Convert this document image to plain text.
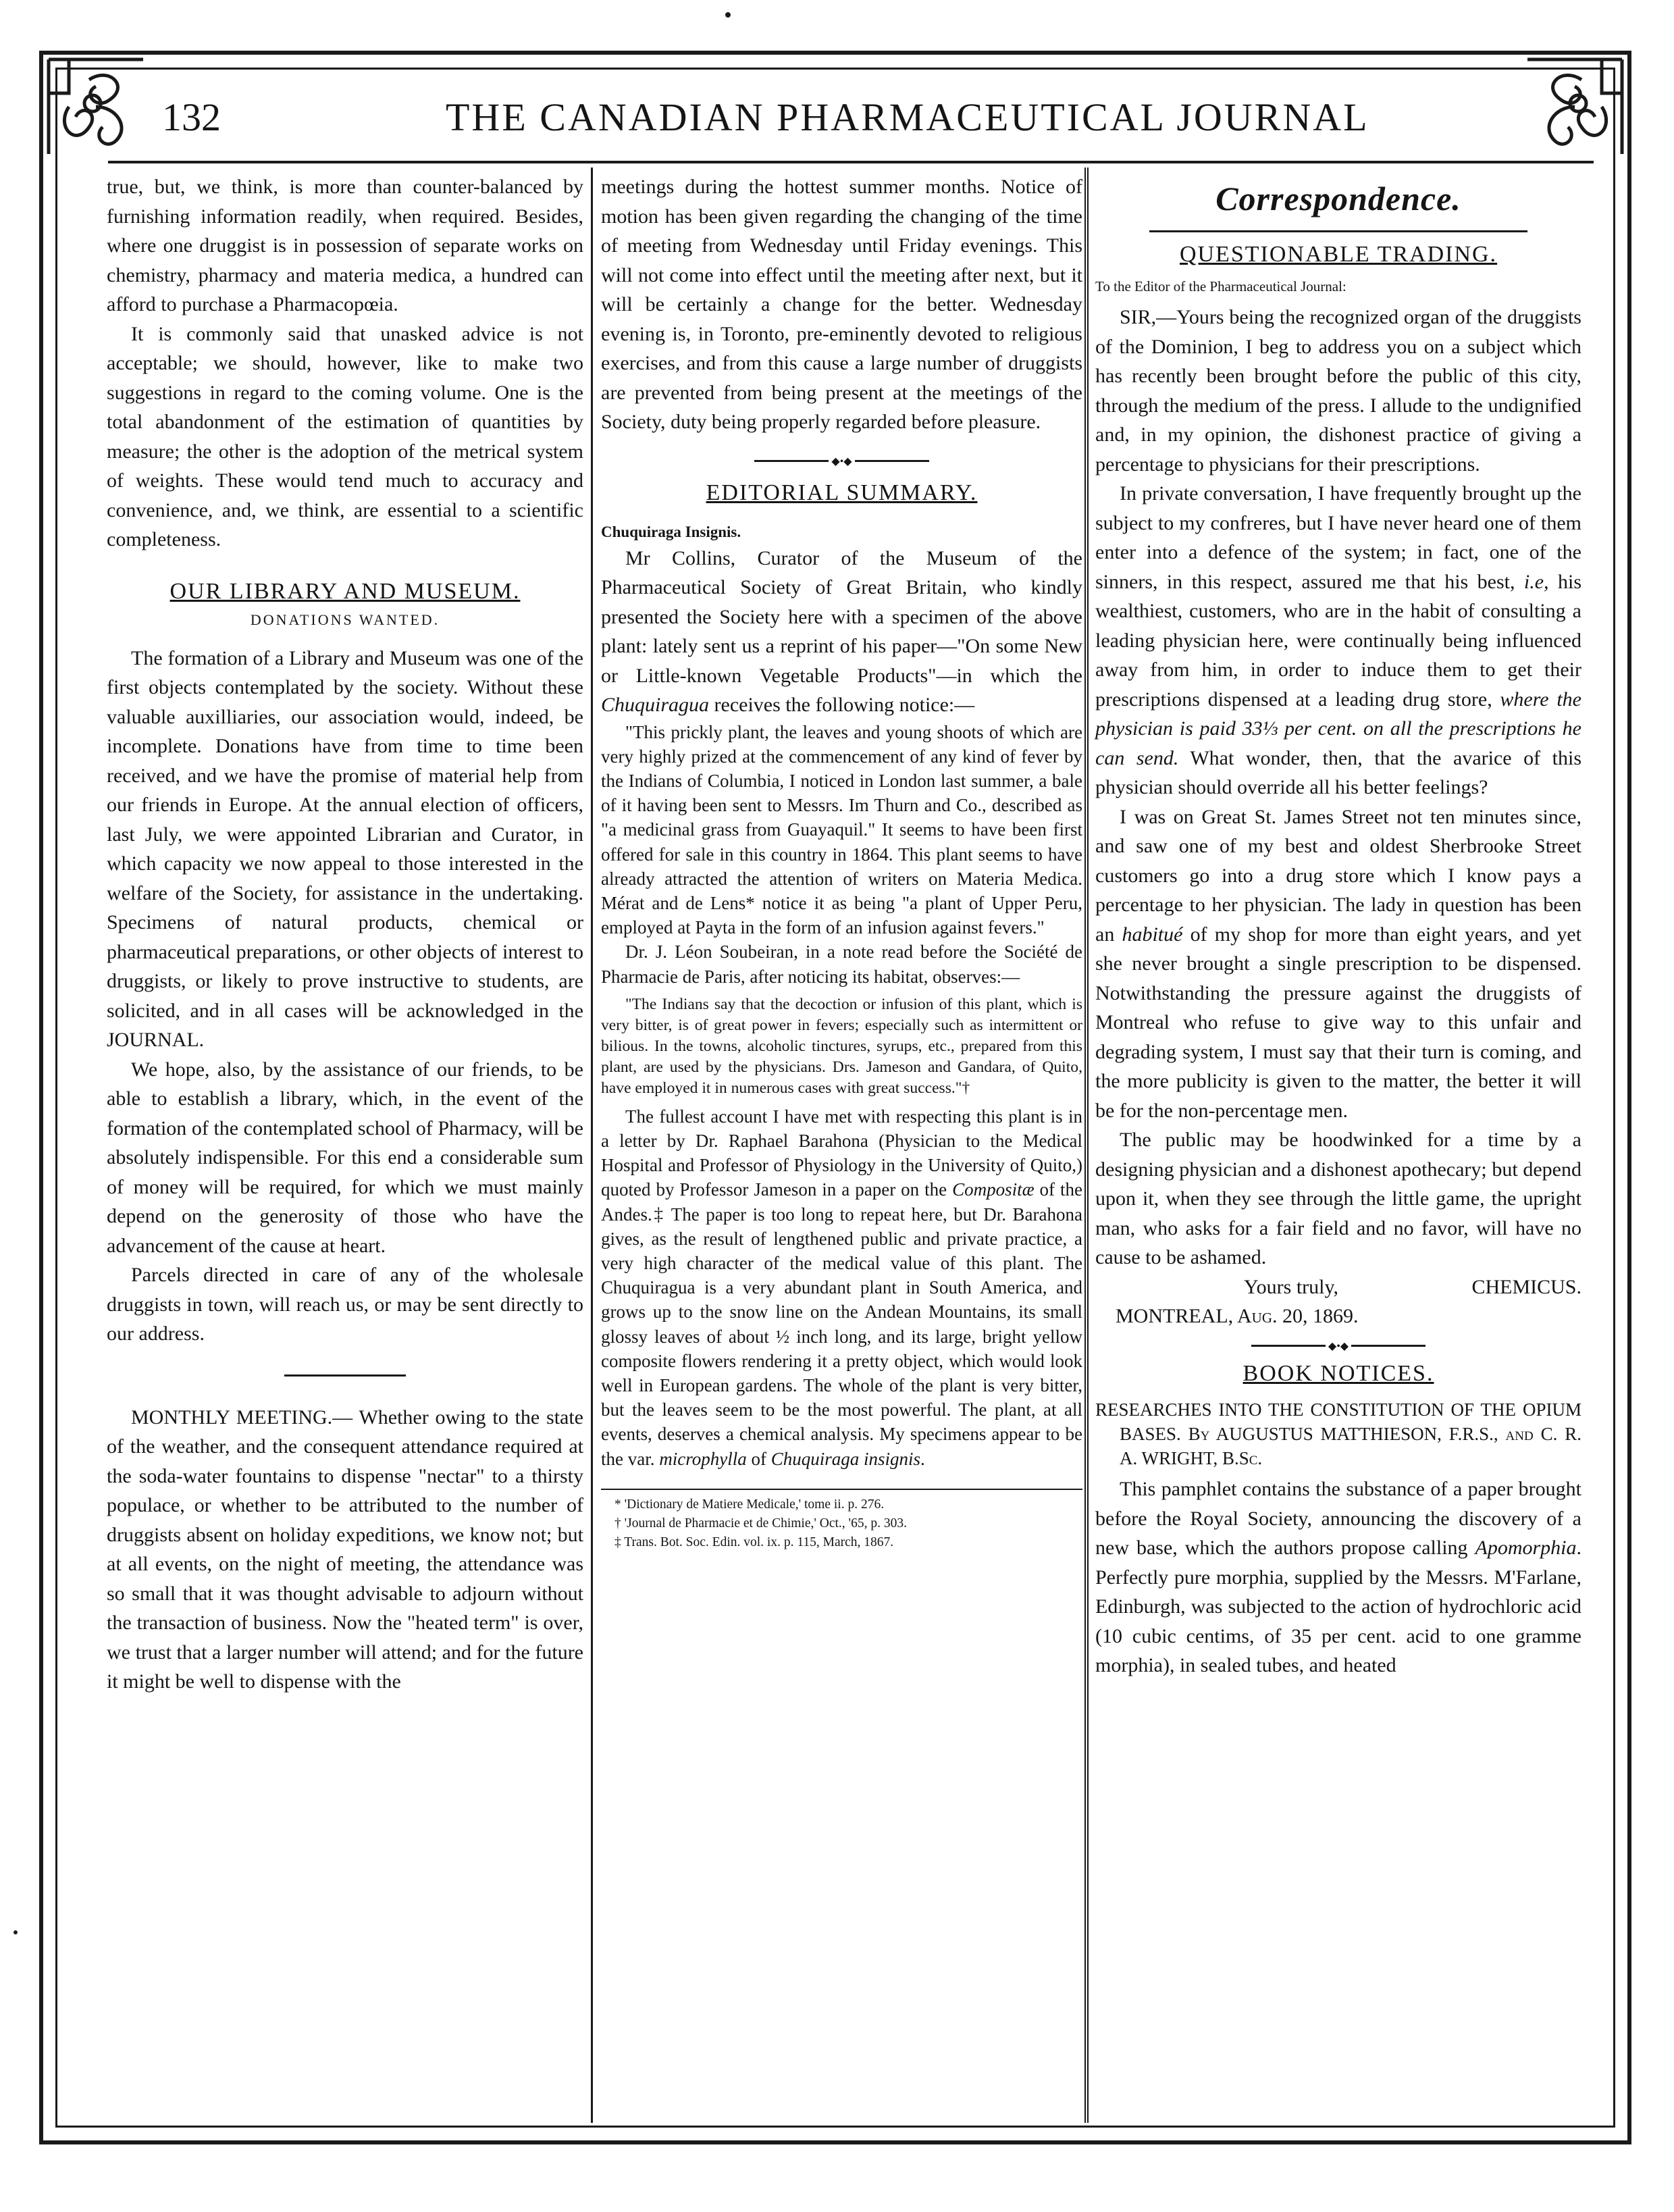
132	THE CANADIAN PHARMACEUTICAL JOURNAL

true, but, we think, is more than counter-balanced by furnishing information readily, when required. Besides, where one druggist is in possession of separate works on chemistry, pharmacy and materia medica, a hundred can afford to purchase a Pharmacopœia.

It is commonly said that unasked advice is not acceptable; we should, however, like to make two suggestions in regard to the coming volume. One is the total abandonment of the estimation of quantities by measure; the other is the adoption of the metrical system of weights. These would tend much to accuracy and convenience, and, we think, are essential to a scientific completeness.

OUR LIBRARY AND MUSEUM.
DONATIONS WANTED.

The formation of a Library and Museum was one of the first objects contemplated by the society. Without these valuable auxilliaries, our association would, indeed, be incomplete. Donations have from time to time been received, and we have the promise of material help from our friends in Europe. At the annual election of officers, last July, we were appointed Librarian and Curator, in which capacity we now appeal to those interested in the welfare of the Society, for assistance in the undertaking. Specimens of natural products, chemical or pharmaceutical preparations, or other objects of interest to druggists, or likely to prove instructive to students, are solicited, and in all cases will be acknowledged in the JOURNAL.

We hope, also, by the assistance of our friends, to be able to establish a library, which, in the event of the formation of the contemplated school of Pharmacy, will be absolutely indispensible. For this end a considerable sum of money will be required, for which we must mainly depend on the generosity of those who have the advancement of the cause at heart.

Parcels directed in care of any of the wholesale druggists in town, will reach us, or may be sent directly to our address.

MONTHLY MEETING.— Whether owing to the state of the weather, and the consequent attendance required at the soda-water fountains to dispense "nectar" to a thirsty populace, or whether to be attributed to the number of druggists absent on holiday expeditions, we know not; but at all events, on the night of meeting, the attendance was so small that it was thought advisable to adjourn without the transaction of business. Now the "heated term" is over, we trust that a larger number will attend; and for the future it might be well to dispense with the

meetings during the hottest summer months. Notice of motion has been given regarding the changing of the time of meeting from Wednesday until Friday evenings. This will not come into effect until the meeting after next, but it will be certainly a change for the better. Wednesday evening is, in Toronto, pre-eminently devoted to religious exercises, and from this cause a large number of druggists are prevented from being present at the meetings of the Society, duty being properly regarded before pleasure.

◆•◆
EDITORIAL SUMMARY.
Chuquiraga Insignis.

Mr Collins, Curator of the Museum of the Pharmaceutical Society of Great Britain, who kindly presented the Society here with a specimen of the above plant: lately sent us a reprint of his paper—"On some New or Little-known Vegetable Products"—in which the Chuquiragua receives the following notice:—

"This prickly plant, the leaves and young shoots of which are very highly prized at the commencement of any kind of fever by the Indians of Columbia, I noticed in London last summer, a bale of it having been sent to Messrs. Im Thurn and Co., described as "a medicinal grass from Guayaquil." It seems to have been first offered for sale in this country in 1864. This plant seems to have already attracted the attention of writers on Materia Medica. Mérat and de Lens* notice it as being "a plant of Upper Peru, employed at Payta in the form of an infusion against fevers."

Dr. J. Léon Soubeiran, in a note read before the Société de Pharmacie de Paris, after noticing its habitat, observes:—

"The Indians say that the decoction or infusion of this plant, which is very bitter, is of great power in fevers; especially such as intermittent or bilious. In the towns, alcoholic tinctures, syrups, etc., prepared from this plant, are used by the physicians. Drs. Jameson and Gandara, of Quito, have employed it in numerous cases with great success."†

The fullest account I have met with respecting this plant is in a letter by Dr. Raphael Barahona (Physician to the Medical Hospital and Professor of Physiology in the University of Quito,) quoted by Professor Jameson in a paper on the Compositæ of the Andes.‡ The paper is too long to repeat here, but Dr. Barahona gives, as the result of lengthened public and private practice, a very high character of the medical value of this plant. The Chuquiragua is a very abundant plant in South America, and grows up to the snow line on the Andean Mountains, its small glossy leaves of about ½ inch long, and its large, bright yellow composite flowers rendering it a pretty object, which would look well in European gardens. The whole of the plant is very bitter, but the leaves seem to be the most powerful. The plant, at all events, deserves a chemical analysis. My specimens appear to be the var. microphylla of Chuquiraga insignis.

* 'Dictionary de Matiere Medicale,' tome ii. p. 276.

† 'Journal de Pharmacie et de Chimie,' Oct., '65, p. 303.

‡ Trans. Bot. Soc. Edin. vol. ix. p. 115, March, 1867.

Correspondence.
QUESTIONABLE TRADING.

To the Editor of the Pharmaceutical Journal:

SIR,—Yours being the recognized organ of the druggists of the Dominion, I beg to address you on a subject which has recently been brought before the public of this city, through the medium of the press. I allude to the undignified and, in my opinion, the dishonest practice of giving a percentage to physicians for their prescriptions.

In private conversation, I have frequently brought up the subject to my confreres, but I have never heard one of them enter into a defence of the system; in fact, one of the sinners, in this respect, assured me that his best, i.e, his wealthiest, customers, who are in the habit of consulting a leading physician here, were continually being influenced away from him, in order to induce them to get their prescriptions dispensed at a leading drug store, where the physician is paid 33⅓ per cent. on all the prescriptions he can send. What wonder, then, that the avarice of this physician should override all his better feelings?

I was on Great St. James Street not ten minutes since, and saw one of my best and oldest Sherbrooke Street customers go into a drug store which I know pays a percentage to her physician. The lady in question has been an habitué of my shop for more than eight years, and yet she never brought a single prescription to be dispensed. Notwithstanding the pressure against the druggists of Montreal who refuse to give way to this unfair and degrading system, I must say that their turn is coming, and the more publicity is given to the matter, the better it will be for the non-percentage men.

The public may be hoodwinked for a time by a designing physician and a dishonest apothecary; but depend upon it, when they see through the little game, the upright man, who asks for a fair field and no favor, will have no cause to be ashamed.

Yours truly,	CHEMICUS.
MONTREAL, Aug. 20, 1869.
◆•◆
BOOK NOTICES.

RESEARCHES INTO THE CONSTITUTION OF THE OPIUM BASES. By AUGUSTUS MATTHIESON, F.R.S., and C. R. A. WRIGHT, B.Sc.

This pamphlet contains the substance of a paper brought before the Royal Society, announcing the discovery of a new base, which the authors propose calling Apomorphia. Perfectly pure morphia, supplied by the Messrs. M'Farlane, Edinburgh, was subjected to the action of hydrochloric acid (10 cubic centims, of 35 per cent. acid to one gramme morphia), in sealed tubes, and heated
